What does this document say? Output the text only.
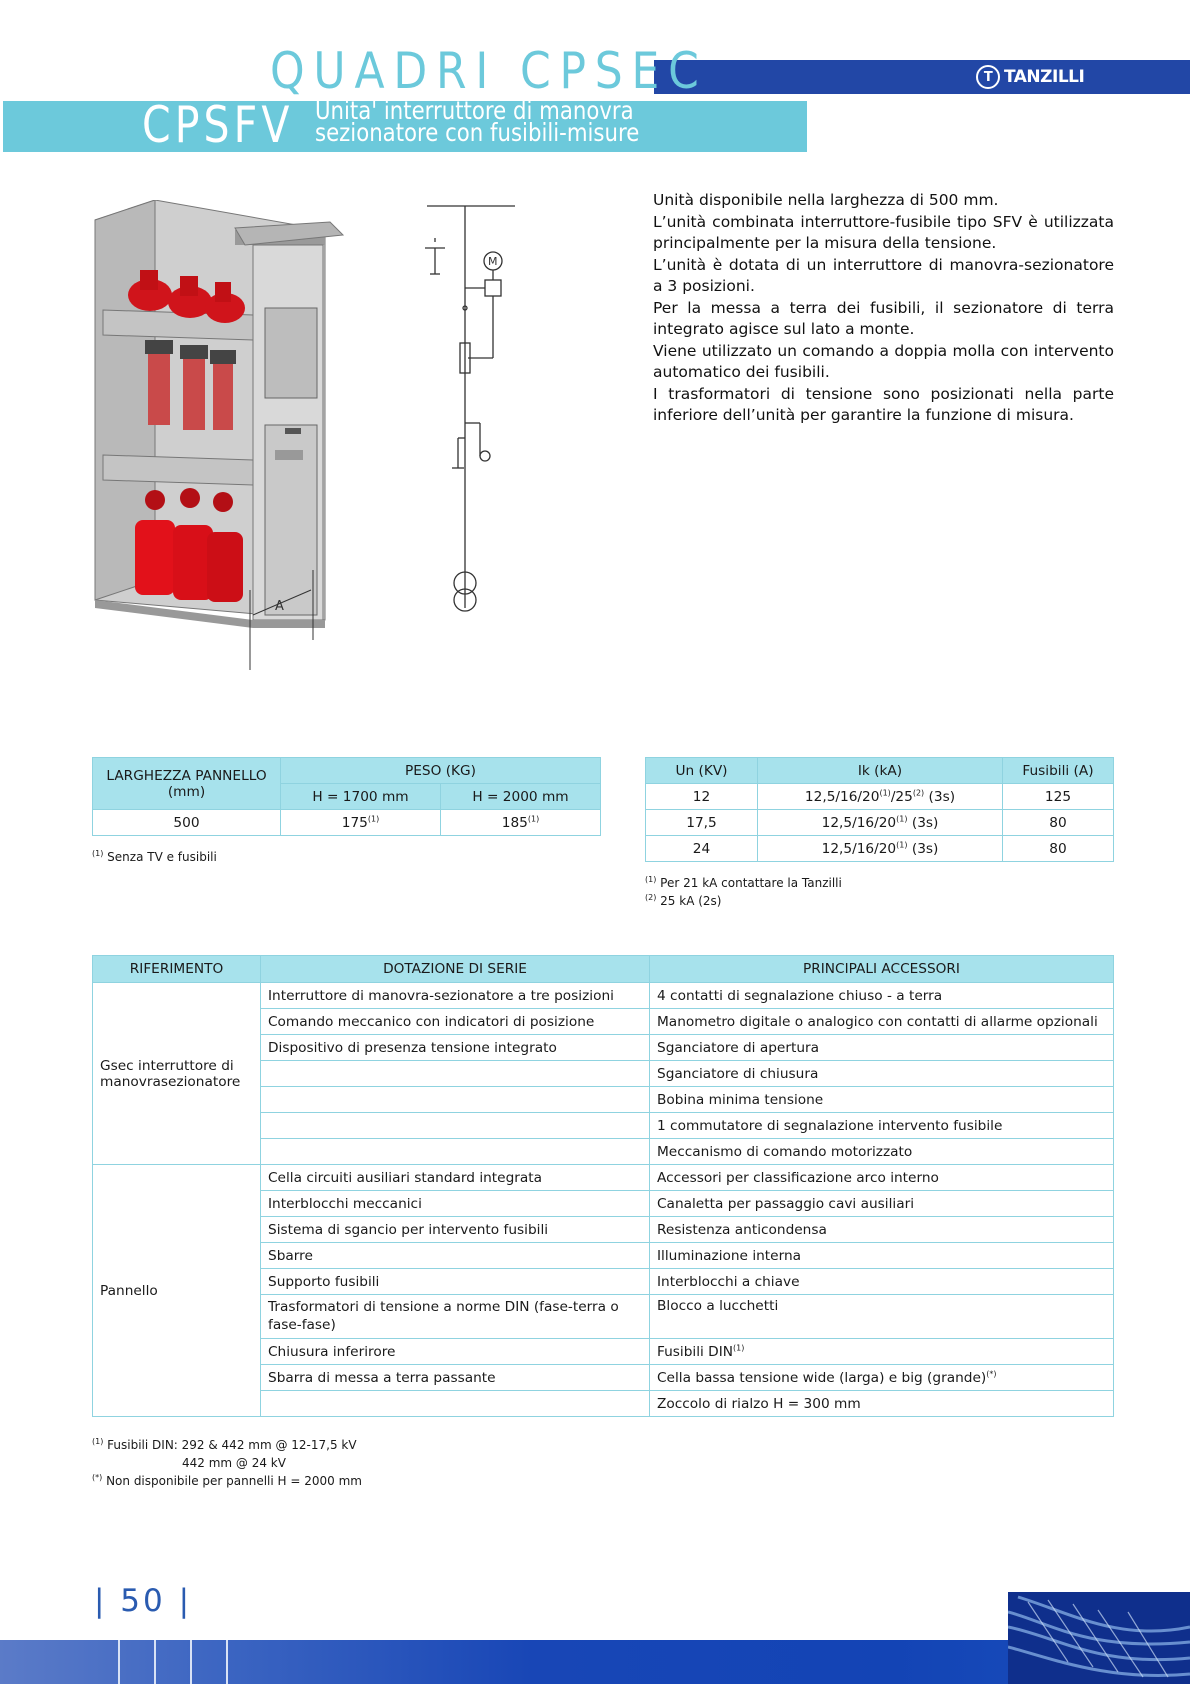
QUADRI CPSEC	T TANZILLI
CPSFV Unita' interruttore di manovra
sezionatore con fusibili-misure
A
M
Unità disponibile nella larghezza di 500 mm.
L’unità combinata interruttore-fusibile tipo SFV è utilizzata principalmente per la misura della tensione.
L’unità è dotata di un interruttore di manovra-sezionatore a 3 posizioni.
Per la messa a terra dei fusibili, il sezionatore di terra integrato agisce sul lato a monte.
Viene utilizzato un comando a doppia molla con intervento automatico dei fusibili.
I trasformatori di tensione sono posizionati nella parte inferiore dell’unità per garantire la funzione di misura.
LARGHEZZA PANNELLO (mm)	PESO (KG)	
	H = 1700 mm	H = 2000 mm
500	175$^{(1)}$	185$^{(1)}$
$^{(1)}$ Senza TV e fusibili
Un (KV)	Ik (kA)	Fusibili (A)
12	12,5/16/20$^{(1)}$/25$^{(2)}$ (3s)	125
17,5	12,5/16/20$^{(1)}$ (3s)	80
24	12,5/16/20$^{(1)}$ (3s)	80
$^{(1)}$ Per 21 kA contattare la Tanzilli
$^{(2)}$ 25 kA (2s)
RIFERIMENTO	DOTAZIONE DI SERIE	PRINCIPALI ACCESSORI
Gsec interruttore di manovrasezionatore	Interruttore di manovra-sezionatore a tre posizioni	4 contatti di segnalazione chiuso - a terra
	Comando meccanico con indicatori di posizione	Manometro digitale o analogico con contatti di allarme opzionali
	Dispositivo di presenza tensione integrato	Sganciatore di apertura
		Sganciatore di chiusura
		Bobina minima tensione
		1 commutatore di segnalazione intervento fusibile
		Meccanismo di comando motorizzato
Pannello	Cella circuiti ausiliari standard integrata	Accessori per classificazione arco interno
	Interblocchi meccanici	Canaletta per passaggio cavi ausiliari
	Sistema di sgancio per intervento fusibili	Resistenza anticondensa
	Sbarre	Illuminazione interna
	Supporto fusibili	Interblocchi a chiave
	Trasformatori di tensione a norme DIN (fase-terra o fase-fase)	Blocco a lucchetti
	Chiusura inferirore	Fusibili DIN$^{(1)}$
	Sbarra di messa a terra passante	Cella bassa tensione wide (larga) e big (grande)(*)
		Zoccolo di rialzo H = 300 mm
$^{(1)}$ Fusibili DIN: 292 & 442 mm @ 12-17,5 kV
442 mm @ 24 kV
(*) Non disponibile per pannelli H = 2000 mm
| 50 |
